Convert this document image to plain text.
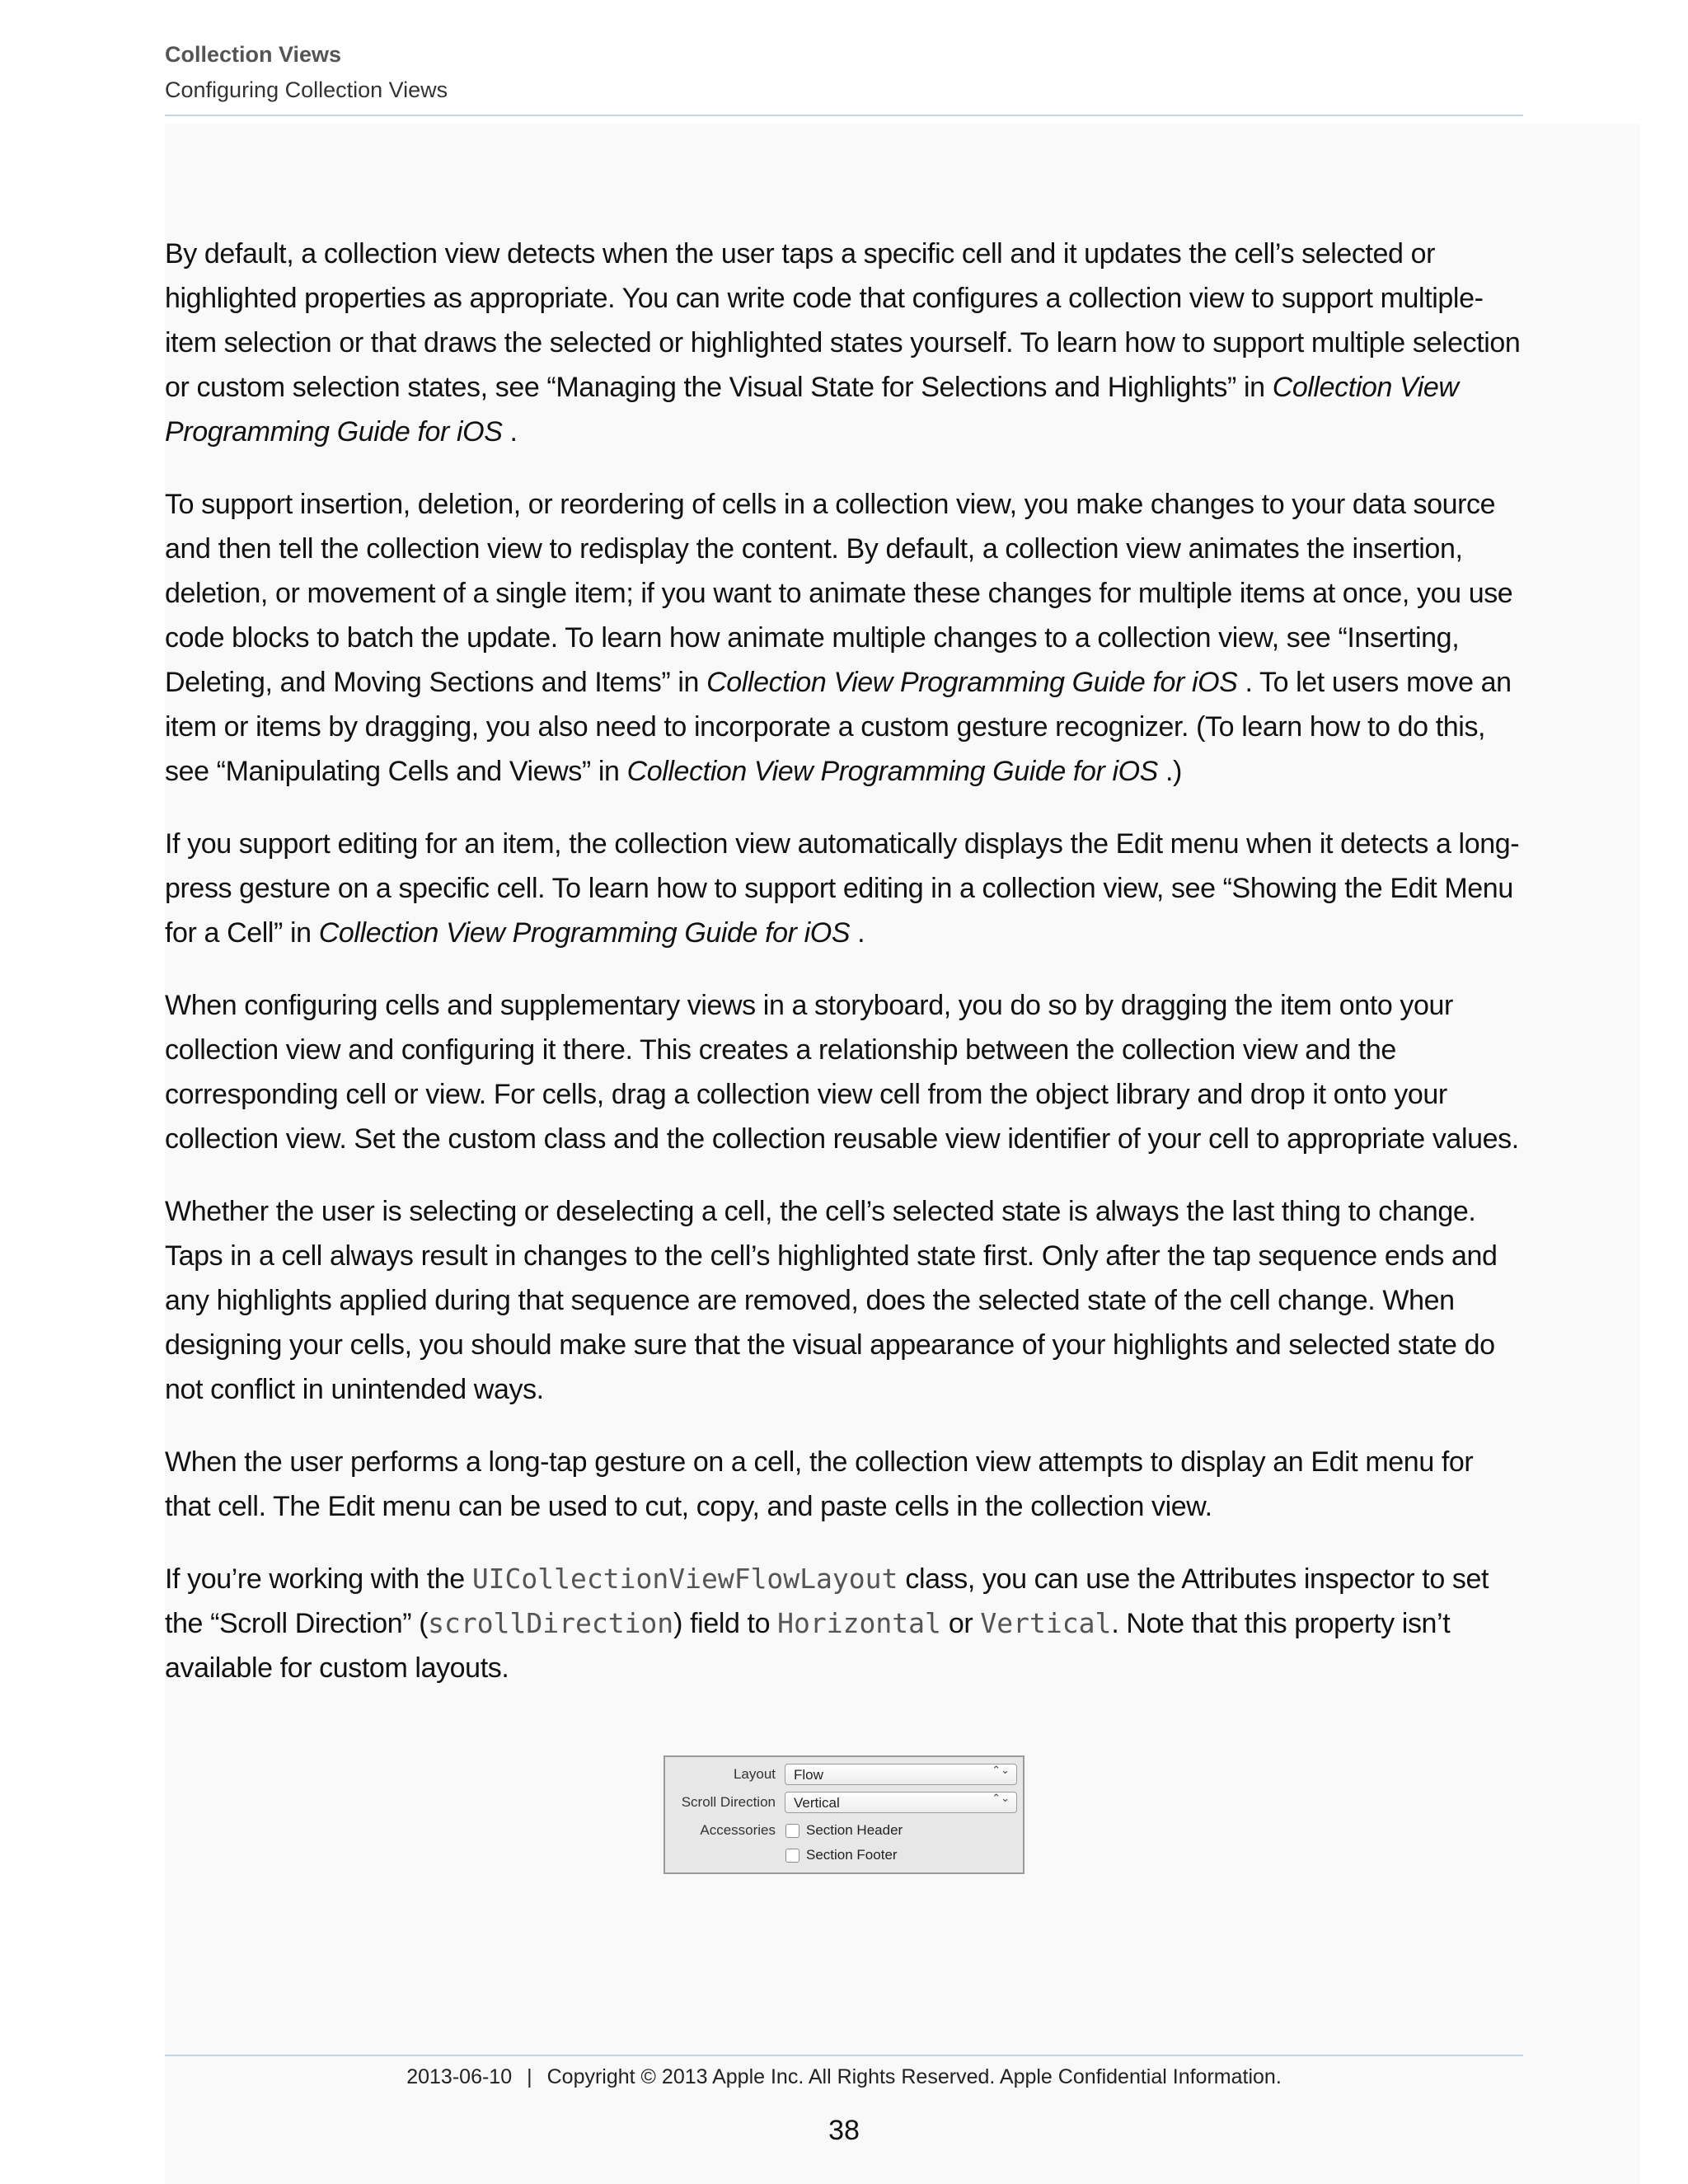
Collection Views
Configuring Collection Views

By default, a collection view detects when the user taps a specific cell and it updates the cell’s selected or highlighted properties as appropriate. You can write code that configures a collection view to support multiple-item selection or that draws the selected or highlighted states yourself. To learn how to support multiple selection or custom selection states, see “Managing the Visual State for Selections and Highlights” in Collection View Programming Guide for iOS .

To support insertion, deletion, or reordering of cells in a collection view, you make changes to your data source and then tell the collection view to redisplay the content. By default, a collection view animates the insertion, deletion, or movement of a single item; if you want to animate these changes for multiple items at once, you use code blocks to batch the update. To learn how animate multiple changes to a collection view, see “Inserting, Deleting, and Moving Sections and Items” in Collection View Programming Guide for iOS . To let users move an item or items by dragging, you also need to incorporate a custom gesture recognizer. (To learn how to do this, see “Manipulating Cells and Views” in Collection View Programming Guide for iOS .)

If you support editing for an item, the collection view automatically displays the Edit menu when it detects a long-press gesture on a specific cell. To learn how to support editing in a collection view, see “Showing the Edit Menu for a Cell” in Collection View Programming Guide for iOS .

When configuring cells and supplementary views in a storyboard, you do so by dragging the item onto your collection view and configuring it there. This creates a relationship between the collection view and the corresponding cell or view. For cells, drag a collection view cell from the object library and drop it onto your collection view. Set the custom class and the collection reusable view identifier of your cell to appropriate values.

Whether the user is selecting or deselecting a cell, the cell’s selected state is always the last thing to change. Taps in a cell always result in changes to the cell’s highlighted state first. Only after the tap sequence ends and any highlights applied during that sequence are removed, does the selected state of the cell change. When designing your cells, you should make sure that the visual appearance of your highlights and selected state do not conflict in unintended ways.

When the user performs a long-tap gesture on a cell, the collection view attempts to display an Edit menu for that cell. The Edit menu can be used to cut, copy, and paste cells in the collection view.

If you’re working with the UICollectionViewFlowLayout class, you can use the Attributes inspector to set the “Scroll Direction” (scrollDirection) field to Horizontal or Vertical. Note that this property isn’t available for custom layouts.

Layout Flow	⌃⌄
Scroll Direction Vertical	⌃⌄
Accessories Section Header
Section Footer
2013-06-10 | Copyright © 2013 Apple Inc. All Rights Reserved. Apple Confidential Information.
38
